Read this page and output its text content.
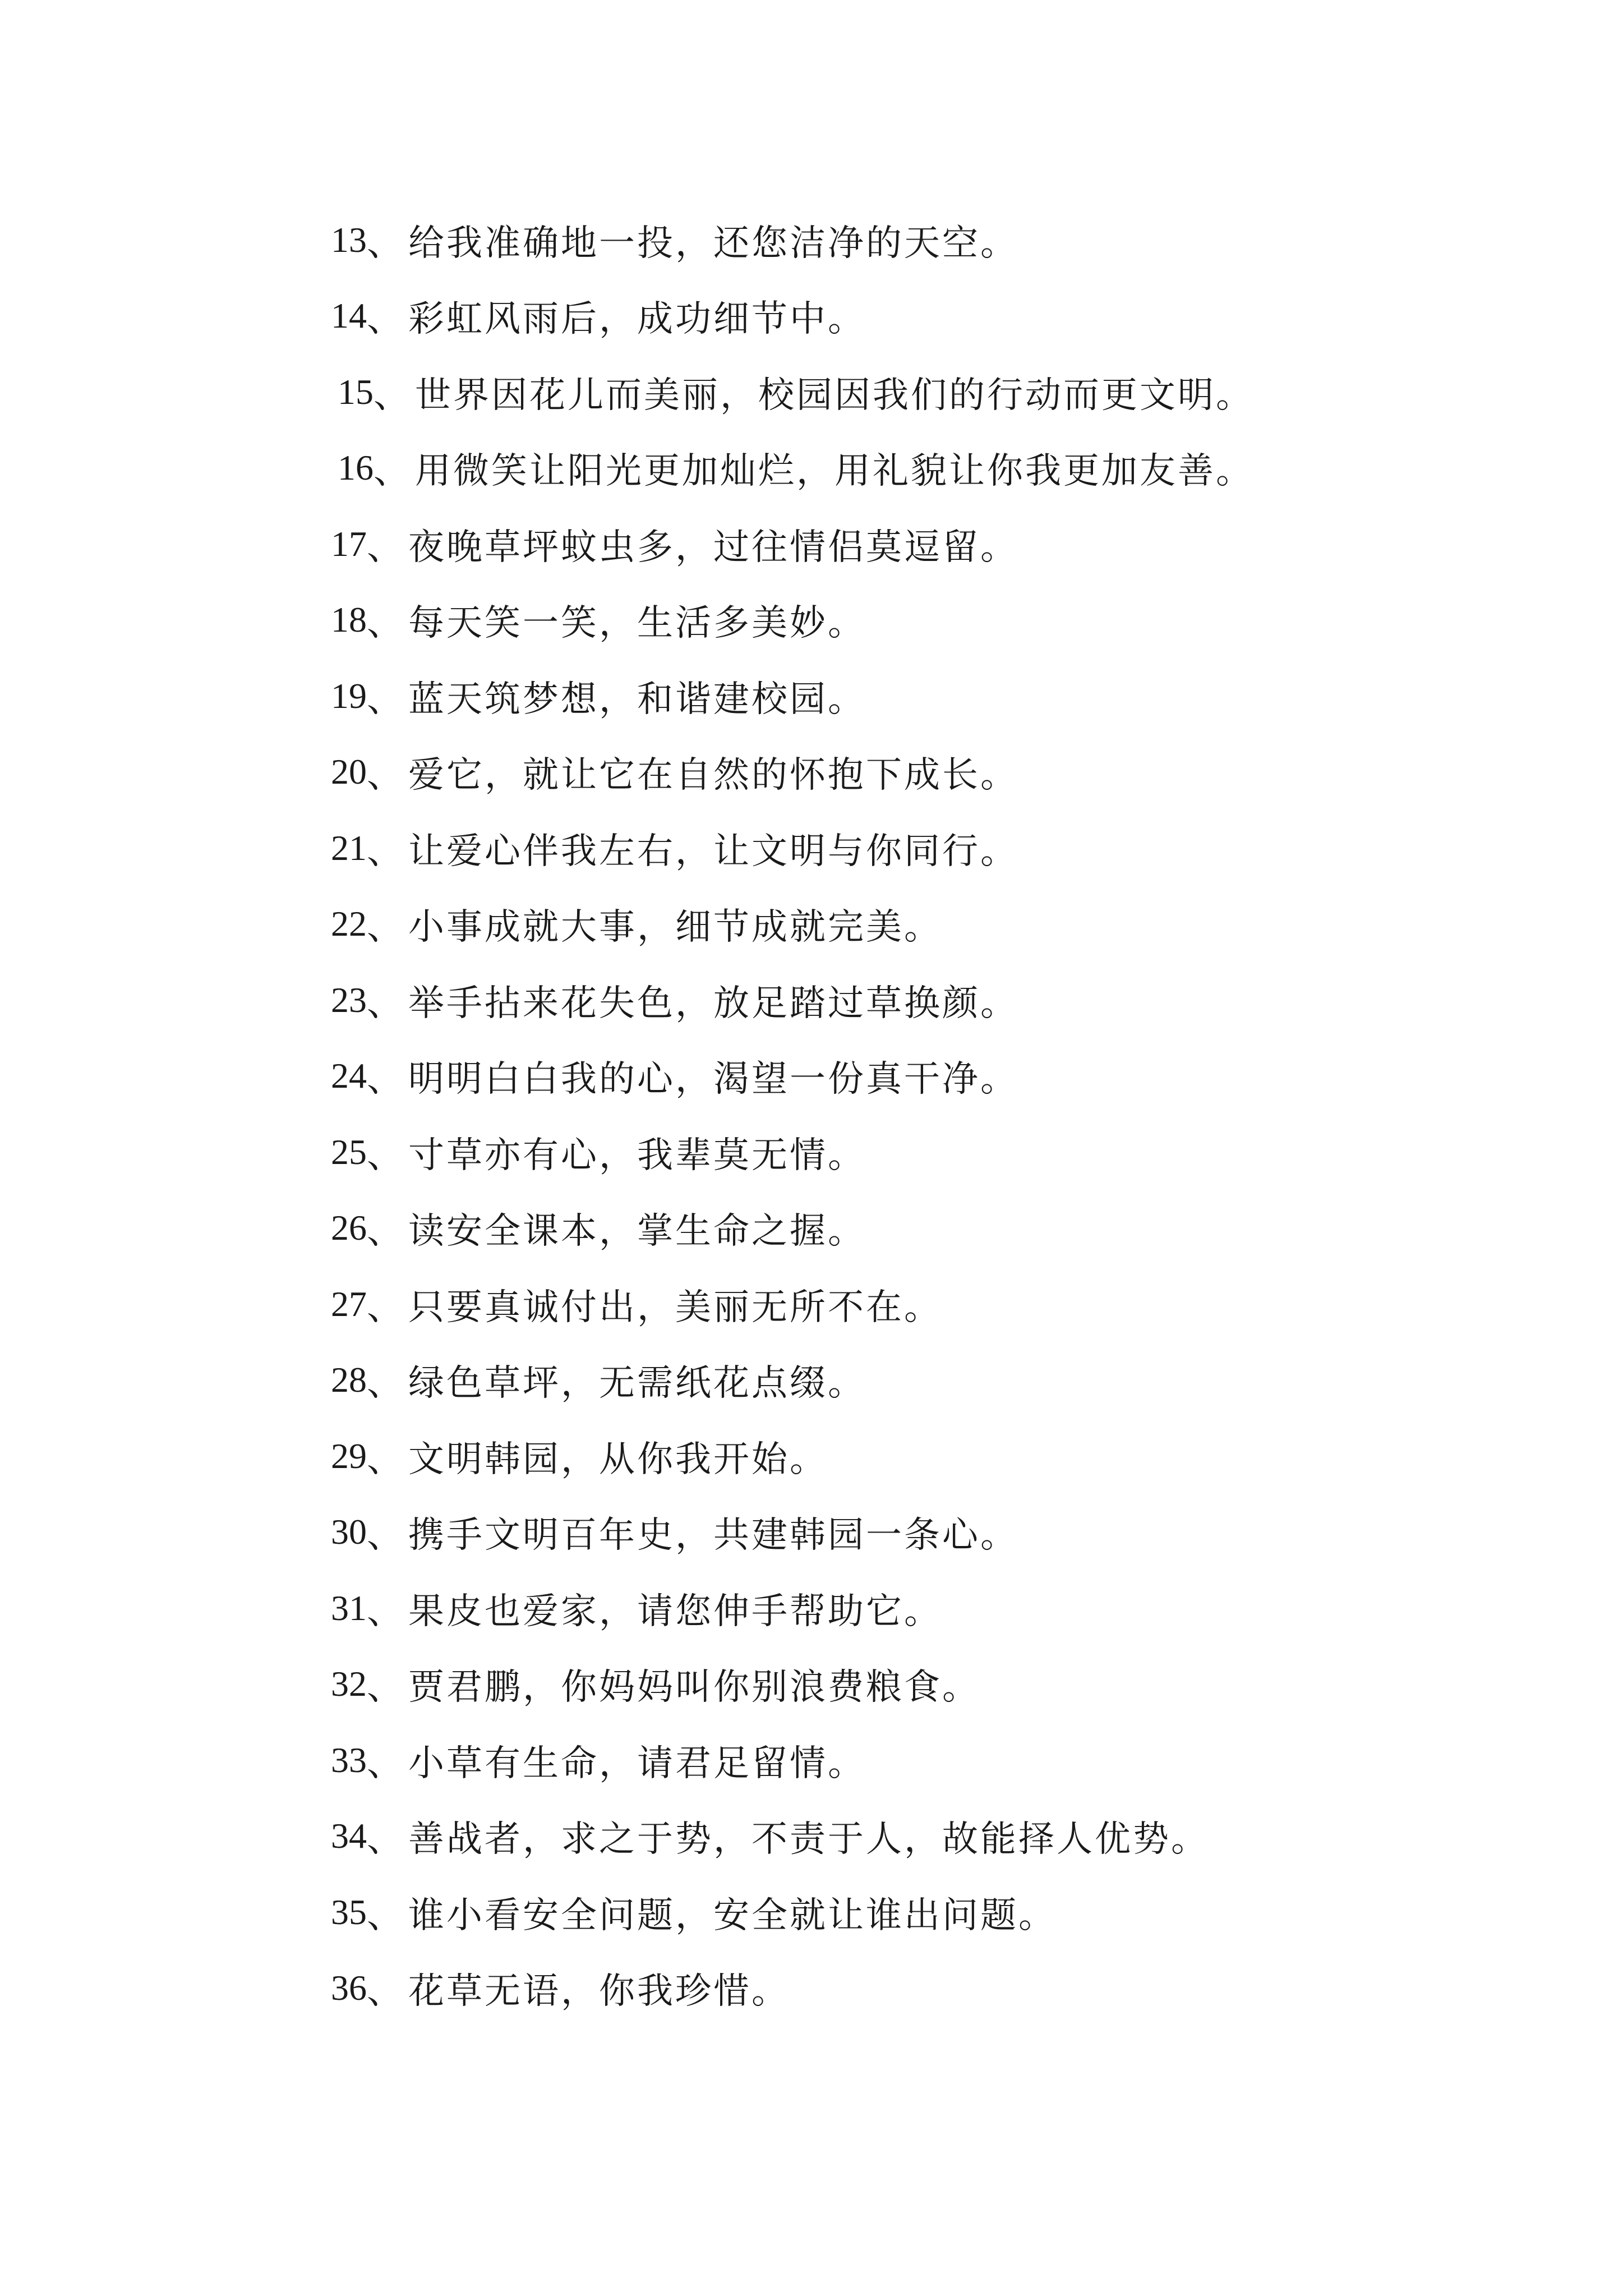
13 、 给我准确地一投，还您洁净的天空。
14 、 彩虹风雨后，成功细节中。
15 、 世界因花儿而美丽，校园因我们的行动而更文明。
16 、 用微笑让阳光更加灿烂，用礼貌让你我更加友善。
17 、 夜晚草坪蚊虫多，过往情侣莫逗留。
18 、 每天笑一笑，生活多美妙。
19 、 蓝天筑梦想，和谐建校园。
20 、 爱它，就让它在自然的怀抱下成长。
21 、 让爱心伴我左右，让文明与你同行。
22 、 小事成就大事，细节成就完美。
23 、 举手拈来花失色，放足踏过草换颜。
24 、 明明白白我的心，渴望一份真干净。
25 、 寸草亦有心，我辈莫无情。
26 、 读安全课本，掌生命之握。
27 、 只要真诚付出，美丽无所不在。
28 、 绿色草坪，无需纸花点缀。
29 、 文明韩园，从你我开始。
30 、 携手文明百年史，共建韩园一条心。
31 、 果皮也爱家，请您伸手帮助它。
32 、 贾君鹏，你妈妈叫你别浪费粮食。
33 、 小草有生命，请君足留情。
34 、 善战者，求之于势，不责于人，故能择人优势。
35 、 谁小看安全问题，安全就让谁出问题。
36 、 花草无语，你我珍惜。
